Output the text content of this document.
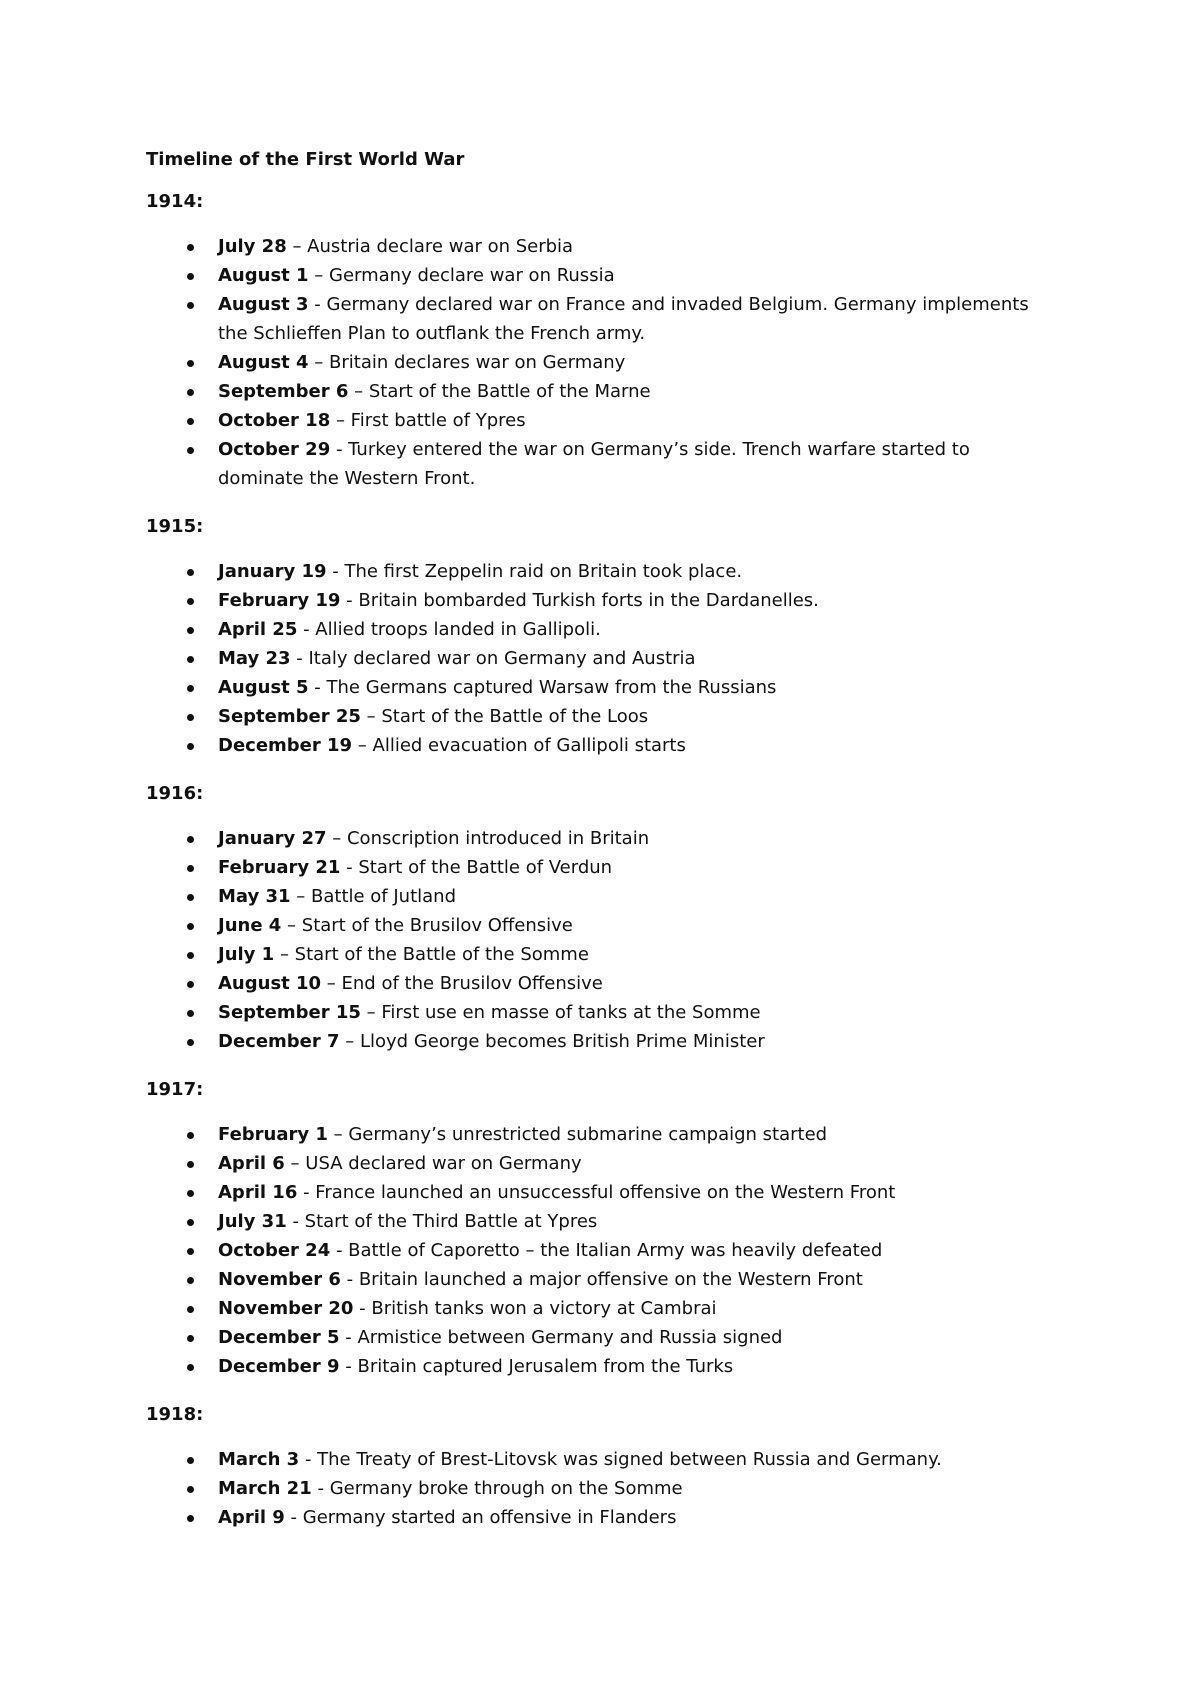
Timeline of the First World War
1914:
July 28 – Austria declare war on Serbia
August 1 – Germany declare war on Russia
August 3 - Germany declared war on France and invaded Belgium. Germany implements the Schlieffen Plan to outflank the French army.
August 4 – Britain declares war on Germany
September 6 – Start of the Battle of the Marne
October 18 – First battle of Ypres
October 29 - Turkey entered the war on Germany’s side. Trench warfare started to dominate the Western Front.
1915:
January 19 - The first Zeppelin raid on Britain took place.
February 19 - Britain bombarded Turkish forts in the Dardanelles.
April 25 - Allied troops landed in Gallipoli.
May 23 - Italy declared war on Germany and Austria
August 5 - The Germans captured Warsaw from the Russians
September 25 – Start of the Battle of the Loos
December 19 – Allied evacuation of Gallipoli starts
1916:
January 27 – Conscription introduced in Britain
February 21 - Start of the Battle of Verdun
May 31 – Battle of Jutland
June 4 – Start of the Brusilov Offensive
July 1 – Start of the Battle of the Somme
August 10 – End of the Brusilov Offensive
September 15 – First use en masse of tanks at the Somme
December 7 – Lloyd George becomes British Prime Minister
1917:
February 1 – Germany’s unrestricted submarine campaign started
April 6 – USA declared war on Germany
April 16 - France launched an unsuccessful offensive on the Western Front
July 31 - Start of the Third Battle at Ypres
October 24 - Battle of Caporetto – the Italian Army was heavily defeated
November 6 - Britain launched a major offensive on the Western Front
November 20 - British tanks won a victory at Cambrai
December 5 - Armistice between Germany and Russia signed
December 9 - Britain captured Jerusalem from the Turks
1918:
March 3 - The Treaty of Brest-Litovsk was signed between Russia and Germany.
March 21 - Germany broke through on the Somme
April 9 - Germany started an offensive in Flanders
